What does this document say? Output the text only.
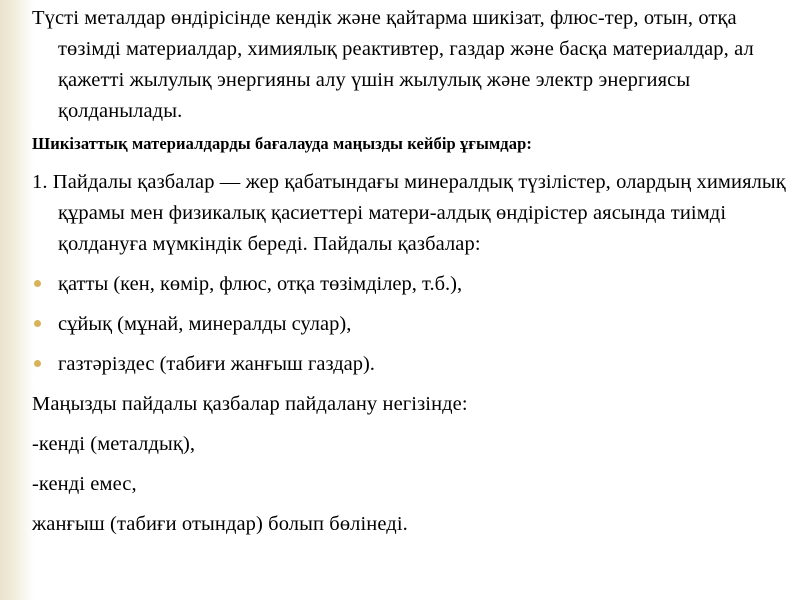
Түсті металдар өндірісінде кендік және қайтарма шикізат, флюс-тер, отын, отқа төзімді материалдар, химиялық реактивтер, газдар және басқа материалдар, ал қажетті жылулық энергияны алу үшін жылулық және электр энергиясы қолданылады.

Шикізаттық материалдарды бағалауда маңызды кейбір ұғымдар:

1. Пайдалы қазбалар — жер қабатындағы минералдық түзілістер, олардың химиялық құрамы мен физикалық қасиеттері матери-алдық өндірістер аясында тиімді қолдануға мүмкіндік береді. Пайдалы қазбалар:

қатты (кен, көмір, флюс, отқа төзімділер, т.б.),
сұйық (мұнай, минералды сулар),
газтәріздес (табиғи жанғыш газдар).

Маңызды пайдалы қазбалар пайдалану негізінде:

-кенді (металдық),

-кенді емес,

жанғыш (табиғи отындар) болып бөлінеді.
